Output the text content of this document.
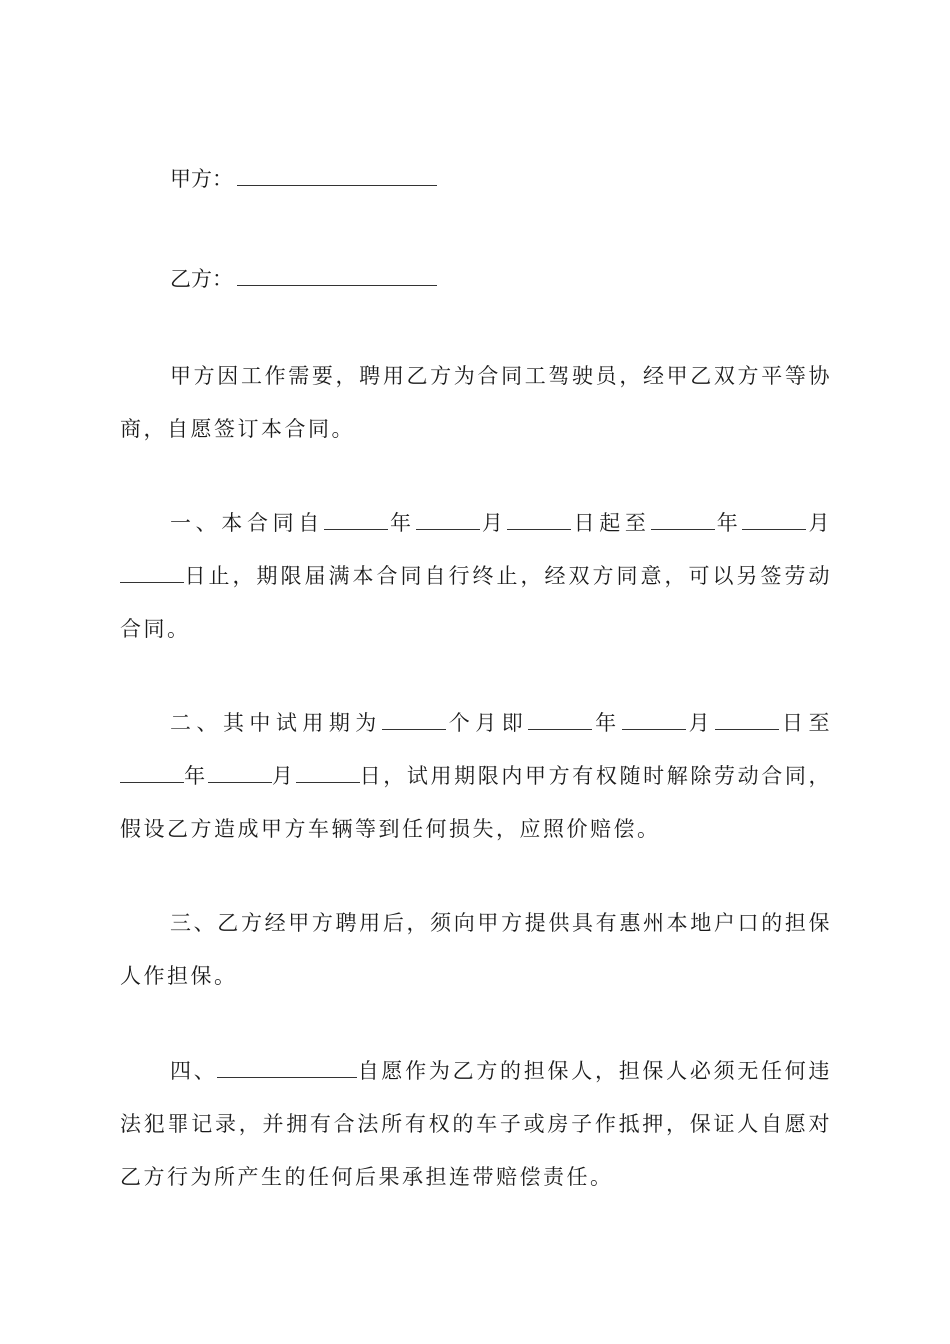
甲方：
乙方：

甲方因工作需要，聘用乙方为合同工驾驶员，经甲乙双方平等协商，自愿签订本合同。

一、本合同自	年	月	日起至	年	月日止，期限届满本合同自行终止，经双方同意，可以另签劳动合同。

二、其中试用期为	个月即	年	月	日至年	月	日，试用期限内甲方有权随时解除劳动合同，假设乙方造成甲方车辆等到任何损失，应照价赔偿。

三、乙方经甲方聘用后，须向甲方提供具有惠州本地户口的担保人作担保。

四、	自愿作为乙方的担保人，担保人必须无任何违法犯罪记录，并拥有合法所有权的车子或房子作抵押，保证人自愿对乙方行为所产生的任何后果承担连带赔偿责任。
